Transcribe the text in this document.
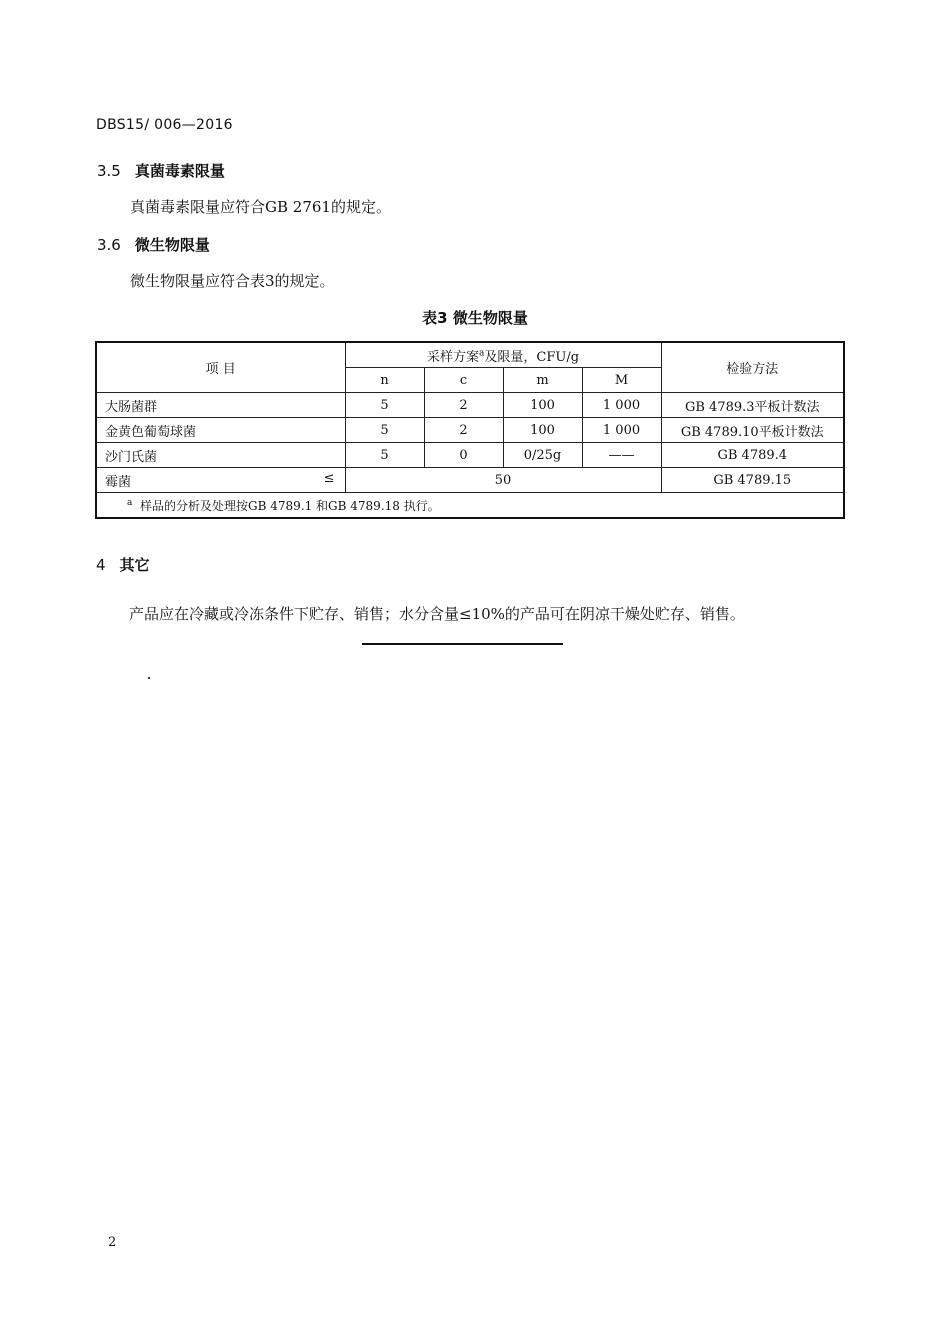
DBS15/ 006—2016
3.5 真菌毒素限量
真菌毒素限量应符合GB 2761的规定。
3.6 微生物限量
微生物限量应符合表3的规定。
表3 微生物限量
项 目	采样方案$^a$及限量，CFU/g				检验方法
	n	c	m	M	
大肠菌群	5	2	100	1 000	GB 4789.3平板计数法
金黄色葡萄球菌	5	2	100	1 000	GB 4789.10平板计数法
沙门氏菌	5	0	0/25g	——	GB 4789.4
霉菌 ≤	50				GB 4789.15
$^a$ 样品的分析及处理按GB 4789.1 和GB 4789.18 执行。					
4 其它
产品应在冷藏或冷冻条件下贮存、销售；水分含量≤10%的产品可在阴凉干燥处贮存、销售。
2
